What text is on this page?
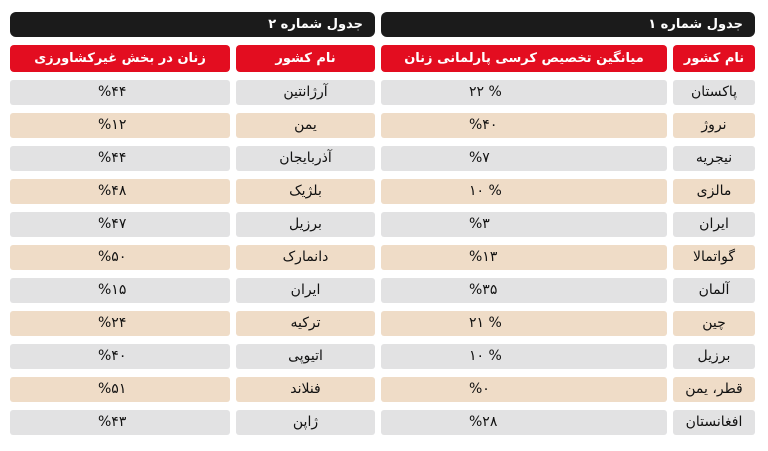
جدول شماره ۱
جدول شماره ۲
نام کشور
میانگین تخصیص کرسی پارلمانی زنان
نام کشور
زنان در بخش غیرکشاورزی
پاکستان
% ۲۲
آرژانتین
%۴۴
نروژ
%۴۰
یمن
%۱۲
نیجریه
%۷
آذربایجان
%۴۴
مالزی
% ۱۰
بلژیک
%۴۸
ایران
%۳
برزیل
%۴۷
گواتمالا
%۱۳
دانمارک
%۵۰
آلمان
%۳۵
ایران
%۱۵
چین
% ۲۱
ترکیه
%۲۴
برزیل
% ۱۰
اتیوپی
%۴۰
قطر، یمن
%۰
فنلاند
%۵۱
افغانستان
%۲۸
ژاپن
%۴۳
